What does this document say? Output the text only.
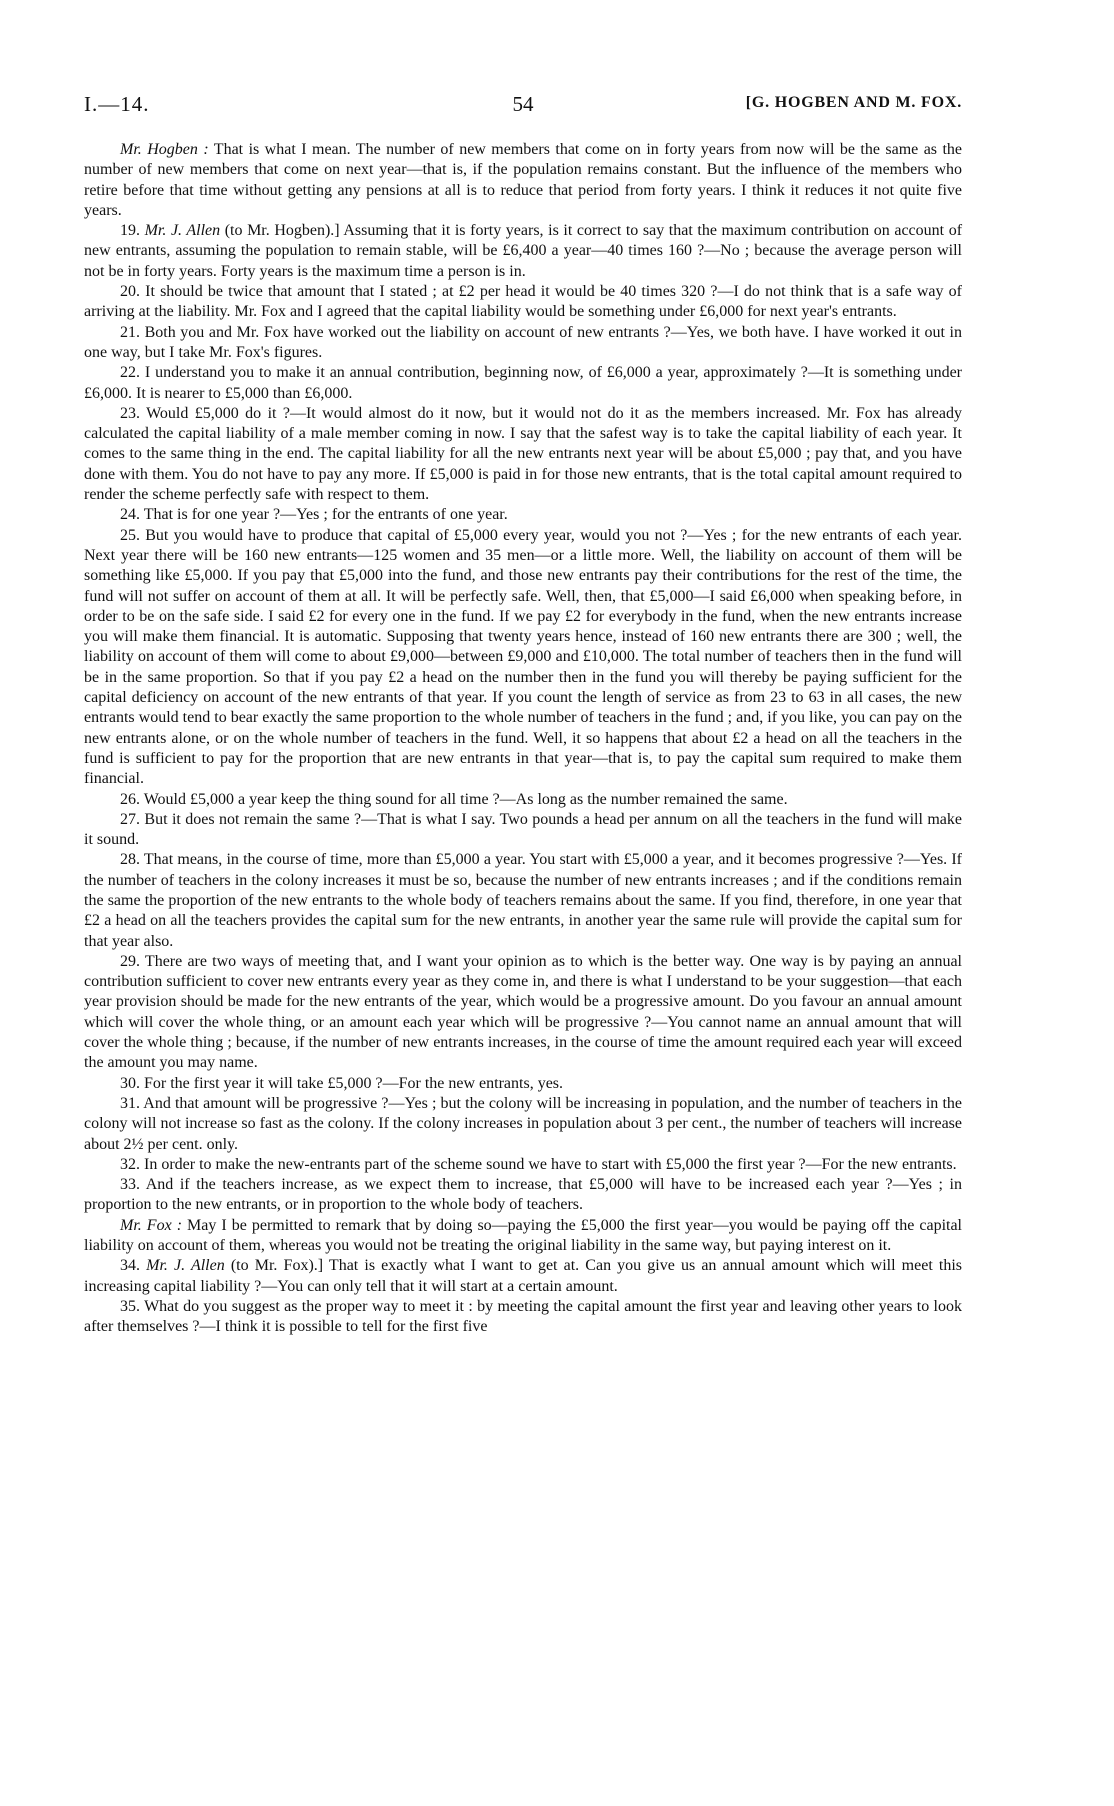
I.—14.	54	[G. HOGBEN AND M. FOX.

Mr. Hogben : That is what I mean. The number of new members that come on in forty years from now will be the same as the number of new members that come on next year—that is, if the population remains constant. But the influence of the members who retire before that time without getting any pensions at all is to reduce that period from forty years. I think it reduces it not quite five years.

19. Mr. J. Allen (to Mr. Hogben).] Assuming that it is forty years, is it correct to say that the maximum contribution on account of new entrants, assuming the population to remain stable, will be £6,400 a year—40 times 160 ?—No ; because the average person will not be in forty years. Forty years is the maximum time a person is in.

20. It should be twice that amount that I stated ; at £2 per head it would be 40 times 320 ?—I do not think that is a safe way of arriving at the liability. Mr. Fox and I agreed that the capital liability would be something under £6,000 for next year's entrants.

21. Both you and Mr. Fox have worked out the liability on account of new entrants ?—Yes, we both have. I have worked it out in one way, but I take Mr. Fox's figures.

22. I understand you to make it an annual contribution, beginning now, of £6,000 a year, approximately ?—It is something under £6,000. It is nearer to £5,000 than £6,000.

23. Would £5,000 do it ?—It would almost do it now, but it would not do it as the members increased. Mr. Fox has already calculated the capital liability of a male member coming in now. I say that the safest way is to take the capital liability of each year. It comes to the same thing in the end. The capital liability for all the new entrants next year will be about £5,000 ; pay that, and you have done with them. You do not have to pay any more. If £5,000 is paid in for those new entrants, that is the total capital amount required to render the scheme perfectly safe with respect to them.

24. That is for one year ?—Yes ; for the entrants of one year.

25. But you would have to produce that capital of £5,000 every year, would you not ?—Yes ; for the new entrants of each year. Next year there will be 160 new entrants—125 women and 35 men—or a little more. Well, the liability on account of them will be something like £5,000. If you pay that £5,000 into the fund, and those new entrants pay their contributions for the rest of the time, the fund will not suffer on account of them at all. It will be perfectly safe. Well, then, that £5,000—I said £6,000 when speaking before, in order to be on the safe side. I said £2 for every one in the fund. If we pay £2 for everybody in the fund, when the new entrants increase you will make them financial. It is automatic. Supposing that twenty years hence, instead of 160 new entrants there are 300 ; well, the liability on account of them will come to about £9,000—between £9,000 and £10,000. The total number of teachers then in the fund will be in the same proportion. So that if you pay £2 a head on the number then in the fund you will thereby be paying sufficient for the capital deficiency on account of the new entrants of that year. If you count the length of service as from 23 to 63 in all cases, the new entrants would tend to bear exactly the same proportion to the whole number of teachers in the fund ; and, if you like, you can pay on the new entrants alone, or on the whole number of teachers in the fund. Well, it so happens that about £2 a head on all the teachers in the fund is sufficient to pay for the proportion that are new entrants in that year—that is, to pay the capital sum required to make them financial.

26. Would £5,000 a year keep the thing sound for all time ?—As long as the number remained the same.

27. But it does not remain the same ?—That is what I say. Two pounds a head per annum on all the teachers in the fund will make it sound.

28. That means, in the course of time, more than £5,000 a year. You start with £5,000 a year, and it becomes progressive ?—Yes. If the number of teachers in the colony increases it must be so, because the number of new entrants increases ; and if the conditions remain the same the proportion of the new entrants to the whole body of teachers remains about the same. If you find, therefore, in one year that £2 a head on all the teachers provides the capital sum for the new entrants, in another year the same rule will provide the capital sum for that year also.

29. There are two ways of meeting that, and I want your opinion as to which is the better way. One way is by paying an annual contribution sufficient to cover new entrants every year as they come in, and there is what I understand to be your suggestion—that each year provision should be made for the new entrants of the year, which would be a progressive amount. Do you favour an annual amount which will cover the whole thing, or an amount each year which will be progressive ?—You cannot name an annual amount that will cover the whole thing ; because, if the number of new entrants increases, in the course of time the amount required each year will exceed the amount you may name.

30. For the first year it will take £5,000 ?—For the new entrants, yes.

31. And that amount will be progressive ?—Yes ; but the colony will be increasing in population, and the number of teachers in the colony will not increase so fast as the colony. If the colony increases in population about 3 per cent., the number of teachers will increase about 2½ per cent. only.

32. In order to make the new-entrants part of the scheme sound we have to start with £5,000 the first year ?—For the new entrants.

33. And if the teachers increase, as we expect them to increase, that £5,000 will have to be increased each year ?—Yes ; in proportion to the new entrants, or in proportion to the whole body of teachers.

Mr. Fox : May I be permitted to remark that by doing so—paying the £5,000 the first year—you would be paying off the capital liability on account of them, whereas you would not be treating the original liability in the same way, but paying interest on it.

34. Mr. J. Allen (to Mr. Fox).] That is exactly what I want to get at. Can you give us an annual amount which will meet this increasing capital liability ?—You can only tell that it will start at a certain amount.

35. What do you suggest as the proper way to meet it : by meeting the capital amount the first year and leaving other years to look after themselves ?—I think it is possible to tell for the first five
